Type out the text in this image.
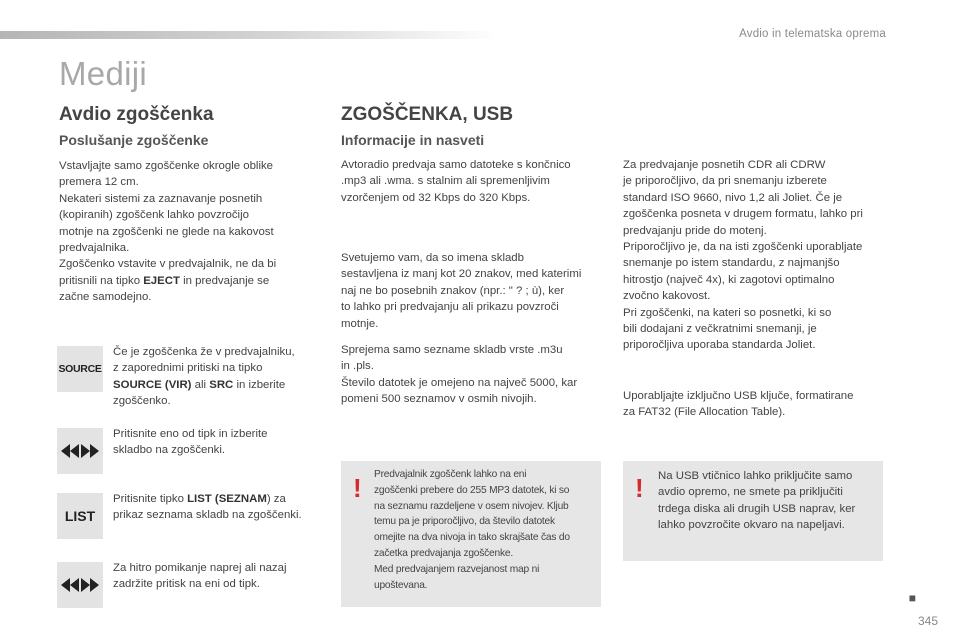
Avdio in telematska oprema
Mediji
Avdio zgoščenka
Poslušanje zgoščenke
Vstavljajte samo zgoščenke okrogle oblike
premera 12 cm.
Nekateri sistemi za zaznavanje posnetih
(kopiranih) zgoščenk lahko povzročijo
motnje na zgoščenki ne glede na kakovost
predvajalnika.
Zgoščenko vstavite v predvajalnik, ne da bi
pritisnili na tipko EJECT in predvajanje se
začne samodejno.
SOURCE
Če je zgoščenka že v predvajalniku,
z zaporednimi pritiski na tipko
SOURCE (VIR) ali SRC in izberite
zgoščenko.
Pritisnite eno od tipk in izberite
skladbo na zgoščenki.
LIST
Pritisnite tipko LIST (SEZNAM) za
prikaz seznama skladb na zgoščenki.
Za hitro pomikanje naprej ali nazaj
zadržite pritisk na eni od tipk.
ZGOŠČENKA, USB
Informacije in nasveti
Avtoradio predvaja samo datoteke s končnico
.mp3 ali .wma. s stalnim ali spremenljivim
vzorčenjem od 32 Kbps do 320 Kbps.
Svetujemo vam, da so imena skladb
sestavljena iz manj kot 20 znakov, med katerimi
naj ne bo posebnih znakov (npr.: " ? ; ù), ker
to lahko pri predvajanju ali prikazu povzroči
motnje.
Sprejema samo sezname skladb vrste .m3u
in .pls.
Število datotek je omejeno na največ 5000, kar
pomeni 500 seznamov v osmih nivojih.
! Predvajalnik zgoščenk lahko na eni
zgoščenki prebere do 255 MP3 datotek, ki so
na seznamu razdeljene v osem nivojev. Kljub
temu pa je priporočljivo, da število datotek
omejite na dva nivoja in tako skrajšate čas do
začetka predvajanja zgoščenke.
Med predvajanjem razvejanost map ni
upoštevana.
Za predvajanje posnetih CDR ali CDRW
je priporočljivo, da pri snemanju izberete
standard ISO 9660, nivo 1,2 ali Joliet. Če je
zgoščenka posneta v drugem formatu, lahko pri
predvajanju pride do motenj.
Priporočljivo je, da na isti zgoščenki uporabljate
snemanje po istem standardu, z najmanjšo
hitrostjo (največ 4x), ki zagotovi optimalno
zvočno kakovost.
Pri zgoščenki, na kateri so posnetki, ki so
bili dodajani z večkratnimi snemanji, je
priporočljiva uporaba standarda Joliet.
Uporabljajte izključno USB ključe, formatirane
za FAT32 (File Allocation Table).
! Na USB vtičnico lahko priključite samo
avdio opremo, ne smete pa priključiti
trdega diska ali drugih USB naprav, ker
lahko povzročite okvaro na napeljavi.
■
345
